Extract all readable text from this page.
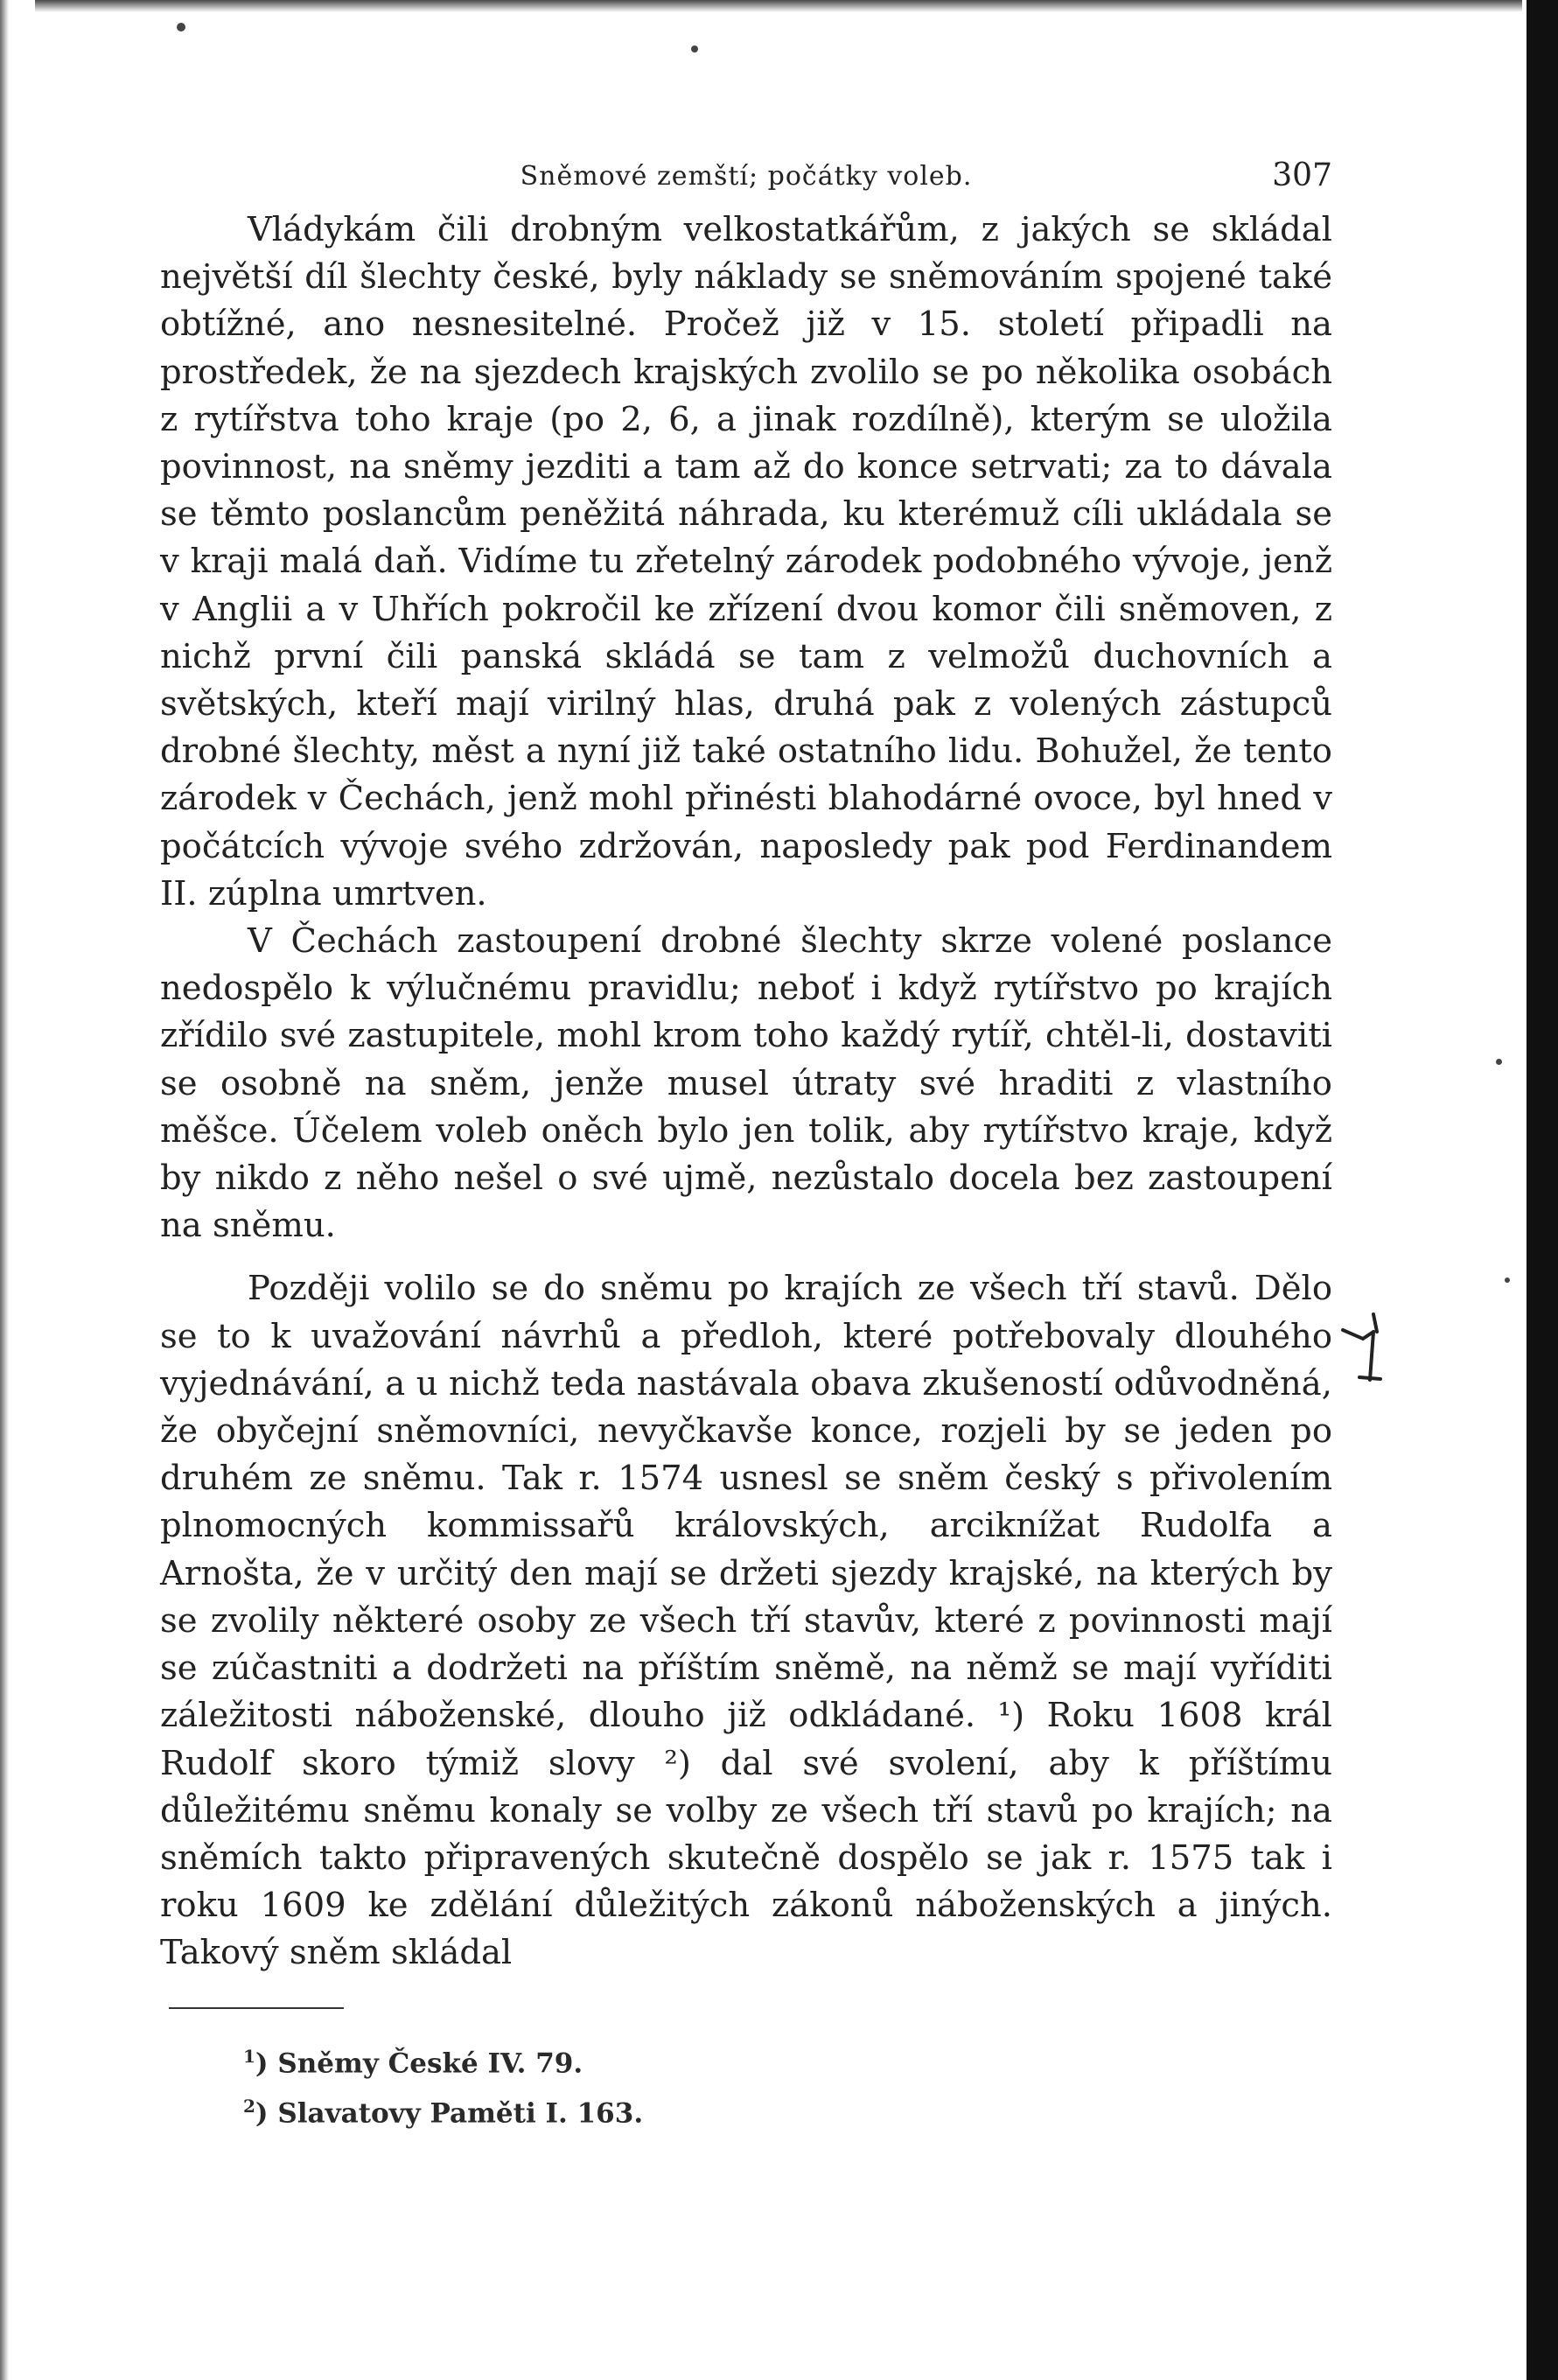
Sněmové zemští; počátky voleb.	307

Vládykám čili drobným velkostatkářům, z jakých se skládal největší díl šlechty české, byly náklady se sněmováním spojené také obtížné, ano nesnesitelné. Pročež již v 15. století připadli na prostředek, že na sjezdech krajských zvolilo se po několika osobách z rytířstva toho kraje (po 2, 6, a jinak rozdílně), kterým se uložila povinnost, na sněmy jezditi a tam až do konce setrvati; za to dávala se těmto poslancům peněžitá náhrada, ku kterémuž cíli ukládala se v kraji malá daň. Vidíme tu zřetelný zárodek podobného vývoje, jenž v Anglii a v Uhřích pokročil ke zřízení dvou komor čili sněmoven, z nichž první čili panská skládá se tam z velmožů duchovních a světských, kteří mají virilný hlas, druhá pak z volených zástupců drobné šlechty, měst a nyní již také ostatního lidu. Bohužel, že tento zárodek v Čechách, jenž mohl přinésti blahodárné ovoce, byl hned v počátcích vývoje svého zdržován, naposledy pak pod Ferdinandem II. zúplna umrtven.

V Čechách zastoupení drobné šlechty skrze volené poslance nedospělo k výlučnému pravidlu; neboť i když rytířstvo po krajích zřídilo své zastupitele, mohl krom toho každý rytíř, chtěl-li, dostaviti se osobně na sněm, jenže musel útraty své hraditi z vlastního měšce. Účelem voleb oněch bylo jen tolik, aby rytířstvo kraje, když by nikdo z něho nešel o své ujmě, nezůstalo docela bez zastoupení na sněmu.

Později volilo se do sněmu po krajích ze všech tří stavů. Dělo se to k uvažování návrhů a předloh, které potřebovaly dlouhého vyjednávání, a u nichž teda nastávala obava zkušeností odůvodněná, že obyčejní sněmovníci, nevyčkavše konce, rozjeli by se jeden po druhém ze sněmu. Tak r. 1574 usnesl se sněm český s přivolením plnomocných kommissařů královských, arciknížat Rudolfa a Arnošta, že v určitý den mají se držeti sjezdy krajské, na kterých by se zvolily některé osoby ze všech tří stavův, které z povinnosti mají se zúčastniti a dodržeti na příštím sněmě, na němž se mají vyříditi záležitosti náboženské, dlouho již odkládané. ¹) Roku 1608 král Rudolf skoro týmiž slovy ²) dal své svolení, aby k příštímu důležitému sněmu konaly se volby ze všech tří stavů po krajích; na sněmích takto připravených skutečně dospělo se jak r. 1575 tak i roku 1609 ke zdělání důležitých zákonů náboženských a jiných. Takový sněm skládal

$^1$) Sněmy České IV. 79.
$^2$) Slavatovy Paměti I. 163.
